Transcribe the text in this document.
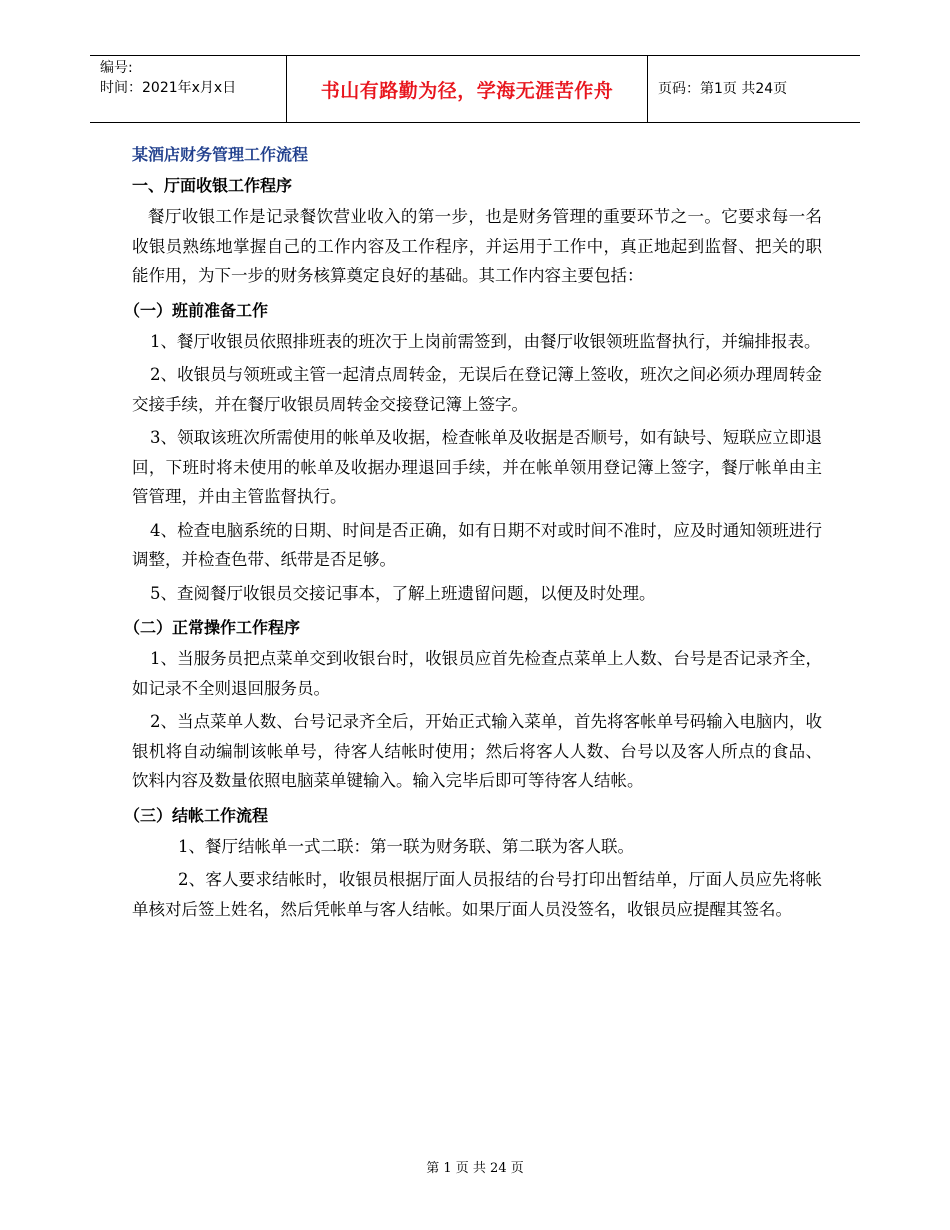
编号:
时间：2021年x月x日	书山有路勤为径，学海无涯苦作舟	页码：第1页 共24页
某酒店财务管理工作流程
一、厅面收银工作程序
餐厅收银工作是记录餐饮营业收入的第一步，也是财务管理的重要环节之一。它要求每一名收银员熟练地掌握自己的工作内容及工作程序，并运用于工作中，真正地起到监督、把关的职能作用，为下一步的财务核算奠定良好的基础。其工作内容主要包括：
（一）班前准备工作
1、餐厅收银员依照排班表的班次于上岗前需签到，由餐厅收银领班监督执行，并编排报表。
2、收银员与领班或主管一起清点周转金，无误后在登记簿上签收，班次之间必须办理周转金交接手续，并在餐厅收银员周转金交接登记簿上签字。
3、领取该班次所需使用的帐单及收据，检查帐单及收据是否顺号，如有缺号、短联应立即退回，下班时将未使用的帐单及收据办理退回手续，并在帐单领用登记簿上签字，餐厅帐单由主管管理，并由主管监督执行。
4、检查电脑系统的日期、时间是否正确，如有日期不对或时间不准时，应及时通知领班进行调整，并检查色带、纸带是否足够。
5、查阅餐厅收银员交接记事本，了解上班遗留问题，以便及时处理。
（二）正常操作工作程序
1、当服务员把点菜单交到收银台时，收银员应首先检查点菜单上人数、台号是否记录齐全，如记录不全则退回服务员。
2、当点菜单人数、台号记录齐全后，开始正式输入菜单，首先将客帐单号码输入电脑内，收银机将自动编制该帐单号，待客人结帐时使用；然后将客人人数、台号以及客人所点的食品、饮料内容及数量依照电脑菜单键输入。输入完毕后即可等待客人结帐。
（三）结帐工作流程
1、餐厅结帐单一式二联：第一联为财务联、第二联为客人联。
2、客人要求结帐时，收银员根据厅面人员报结的台号打印出暂结单，厅面人员应先将帐单核对后签上姓名，然后凭帐单与客人结帐。如果厅面人员没签名，收银员应提醒其签名。
第 1 页 共 24 页
